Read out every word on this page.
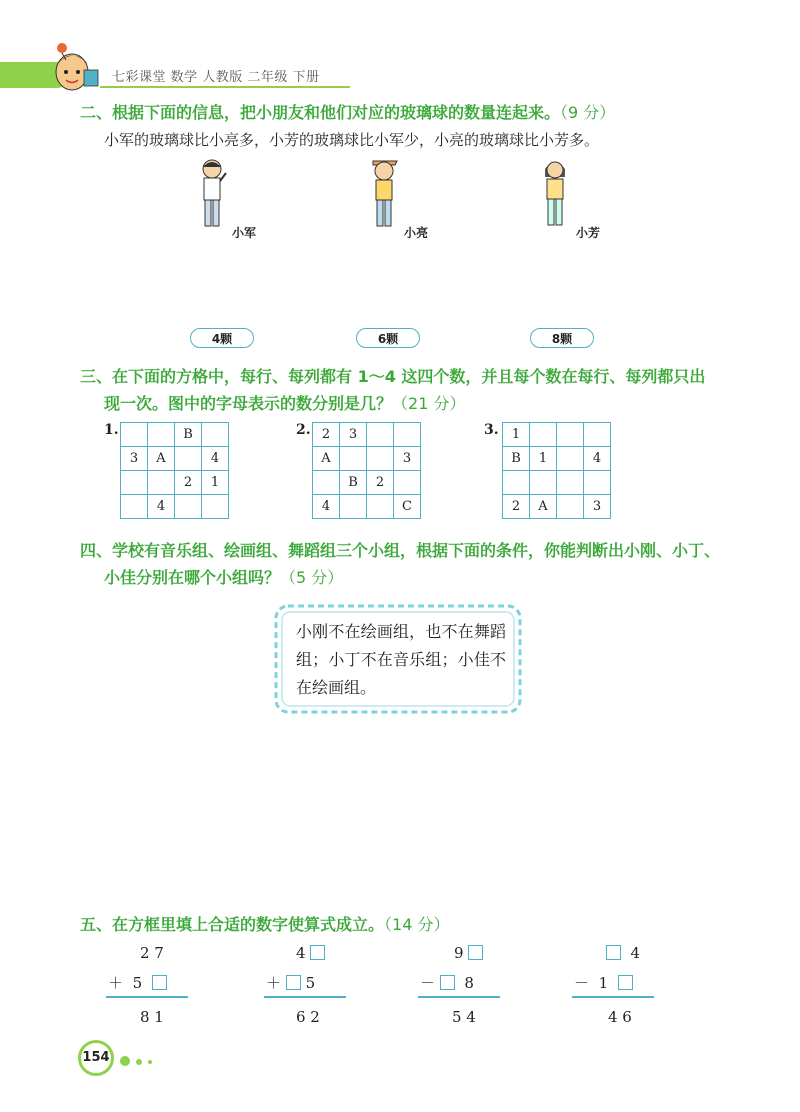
七彩课堂 数学 人教版 二年级 下册
二、根据下面的信息，把小朋友和他们对应的玻璃球的数量连起来。（9 分）
小军的玻璃球比小亮多，小芳的玻璃球比小军少，小亮的玻璃球比小芳多。
小军	小亮	小芳
4颗	6颗	8颗
三、在下面的方格中，每行、每列都有 1～4 这四个数，并且每个数在每行、每列都只出
现一次。图中的字母表示的数分别是几？（21 分）
1.
			B	
3	A		4
		2	1
	4		
2. 2	3		
A			3
	B	2	
4			C
3. 1			
B	1		4

2	A		3
四、学校有音乐组、绘画组、舞蹈组三个小组，根据下面的条件，你能判断出小刚、小丁、
小佳分别在哪个小组吗？（5 分）
小刚不在绘画组，也不在舞蹈组；小丁不在音乐组；小佳不在绘画组。
五、在方框里填上合适的数字使算式成立。（14 分）
2 7
＋ 5
8 1
4
＋ 5
6 2
9
－ 8
5 4
4
－ 1
4 6
154
